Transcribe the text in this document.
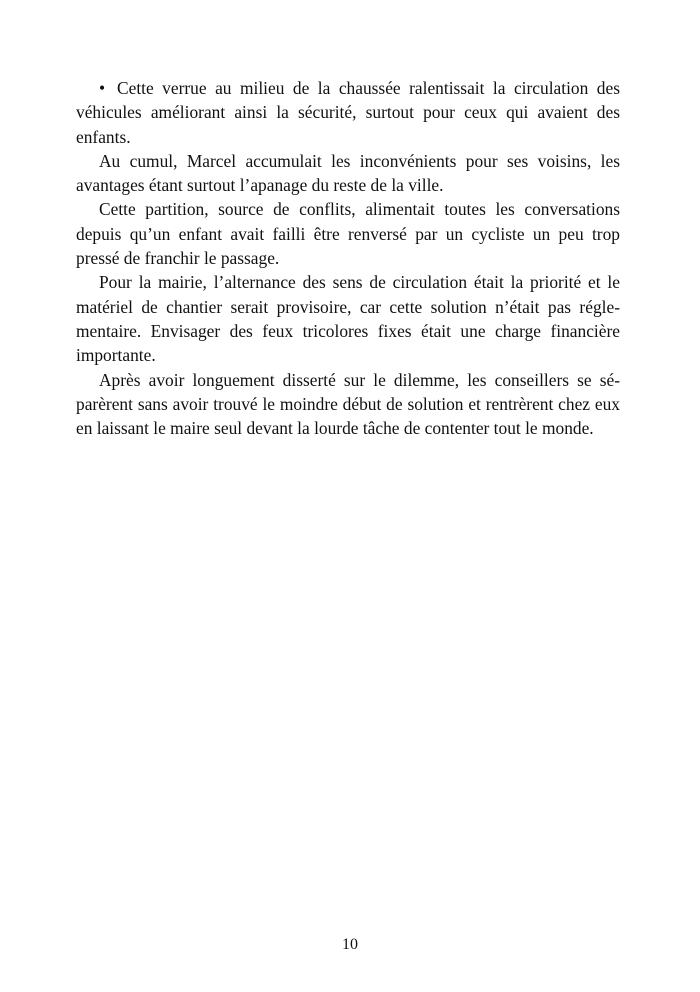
• Cette verrue au milieu de la chaussée ralentissait la circulation des véhicules améliorant ainsi la sécurité, surtout pour ceux qui avaient des enfants.

Au cumul, Marcel accumulait les inconvénients pour ses voisins, les avantages étant surtout l’apanage du reste de la ville.

Cette partition, source de conflits, alimentait toutes les conversations depuis qu’un enfant avait failli être renversé par un cycliste un peu trop pressé de franchir le passage.

Pour la mairie, l’alternance des sens de circulation était la priorité et le matériel de chantier serait provisoire, car cette solution n’était pas réglementaire. Envisager des feux tricolores fixes était une charge financière importante.

Après avoir longuement disserté sur le dilemme, les conseillers se séparèrent sans avoir trouvé le moindre début de solution et rentrèrent chez eux en laissant le maire seul devant la lourde tâche de contenter tout le monde.

10
